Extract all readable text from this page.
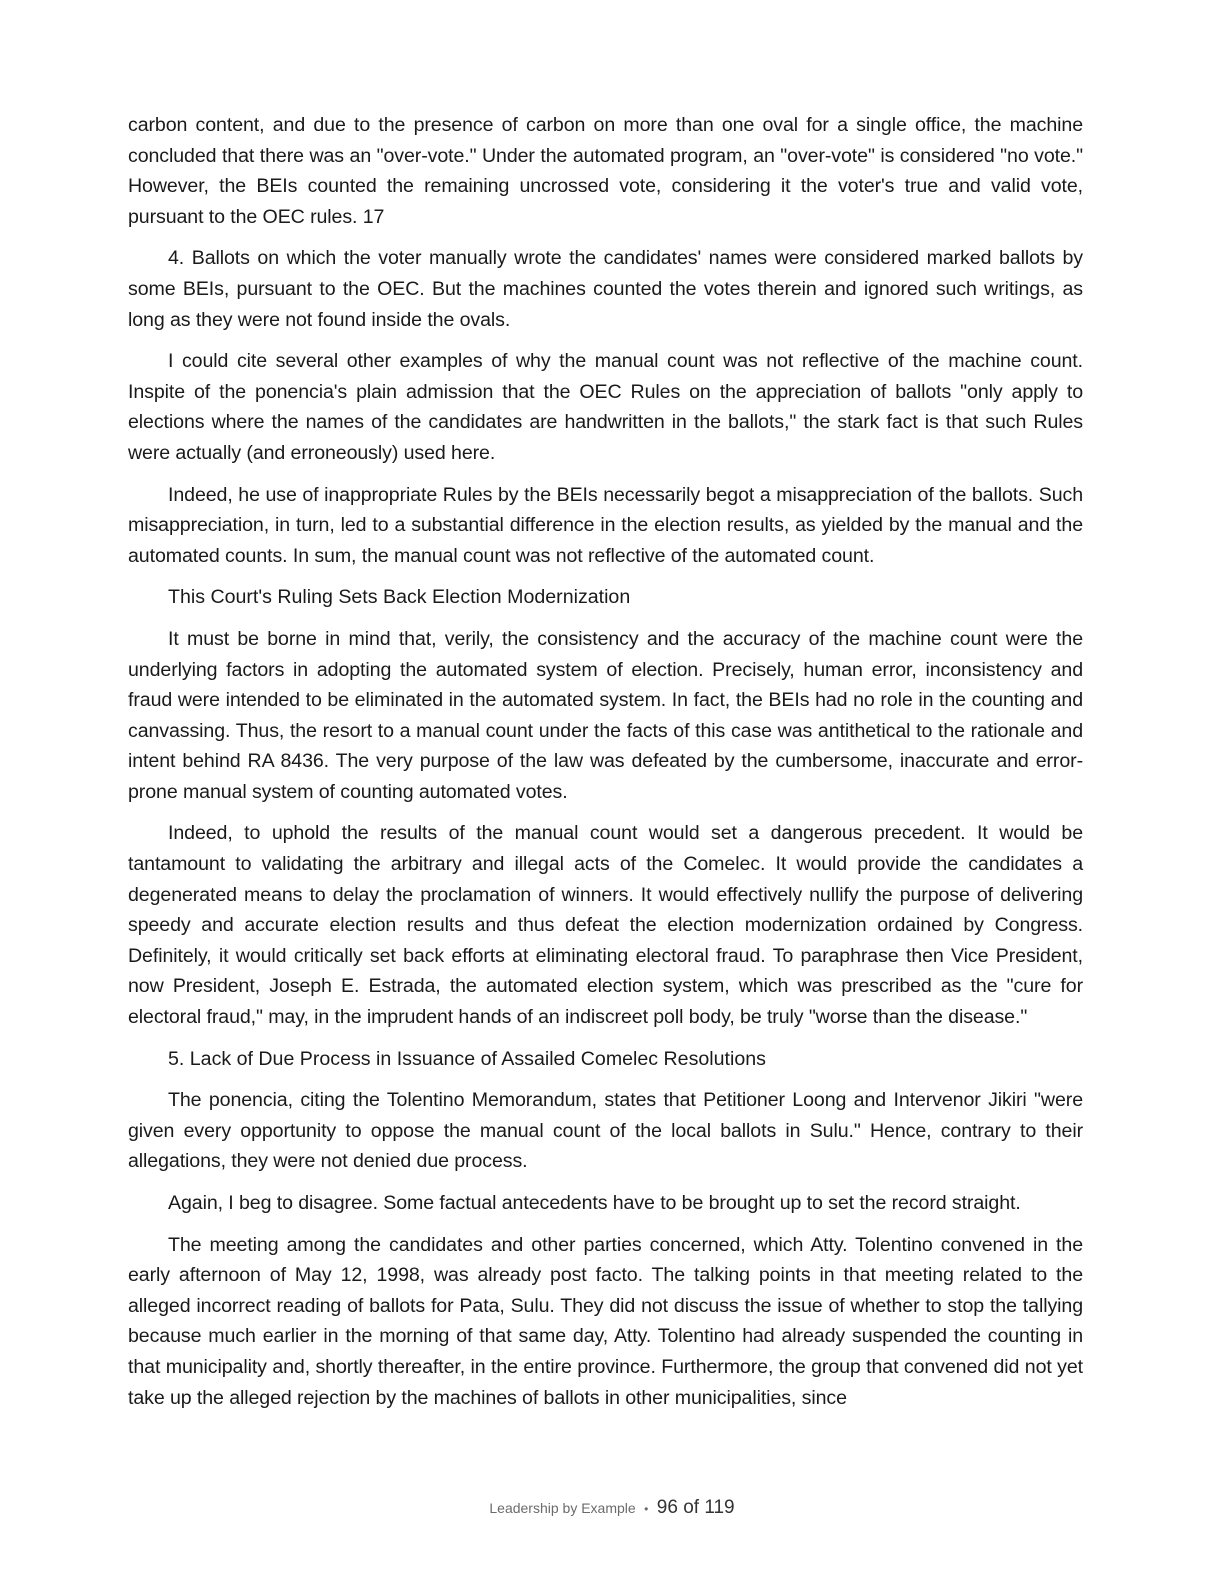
carbon content, and due to the presence of carbon on more than one oval for a single office, the machine concluded that there was an "over-vote." Under the automated program, an "over-vote" is considered "no vote." However, the BEIs counted the remaining uncrossed vote, considering it the voter's true and valid vote, pursuant to the OEC rules. 17

4. Ballots on which the voter manually wrote the candidates' names were considered marked ballots by some BEIs, pursuant to the OEC. But the machines counted the votes therein and ignored such writings, as long as they were not found inside the ovals.

I could cite several other examples of why the manual count was not reflective of the machine count. Inspite of the ponencia's plain admission that the OEC Rules on the appreciation of ballots "only apply to elections where the names of the candidates are handwritten in the ballots," the stark fact is that such Rules were actually (and erroneously) used here.

Indeed, he use of inappropriate Rules by the BEIs necessarily begot a misappreciation of the ballots. Such misappreciation, in turn, led to a substantial difference in the election results, as yielded by the manual and the automated counts. In sum, the manual count was not reflective of the automated count.

This Court's Ruling Sets Back Election Modernization

It must be borne in mind that, verily, the consistency and the accuracy of the machine count were the underlying factors in adopting the automated system of election. Precisely, human error, inconsistency and fraud were intended to be eliminated in the automated system. In fact, the BEIs had no role in the counting and canvassing. Thus, the resort to a manual count under the facts of this case was antithetical to the rationale and intent behind RA 8436. The very purpose of the law was defeated by the cumbersome, inaccurate and error-prone manual system of counting automated votes.

Indeed, to uphold the results of the manual count would set a dangerous precedent. It would be tantamount to validating the arbitrary and illegal acts of the Comelec. It would provide the candidates a degenerated means to delay the proclamation of winners. It would effectively nullify the purpose of delivering speedy and accurate election results and thus defeat the election modernization ordained by Congress. Definitely, it would critically set back efforts at eliminating electoral fraud. To paraphrase then Vice President, now President, Joseph E. Estrada, the automated election system, which was prescribed as the "cure for electoral fraud," may, in the imprudent hands of an indiscreet poll body, be truly "worse than the disease."

5. Lack of Due Process in Issuance of Assailed Comelec Resolutions

The ponencia, citing the Tolentino Memorandum, states that Petitioner Loong and Intervenor Jikiri "were given every opportunity to oppose the manual count of the local ballots in Sulu." Hence, contrary to their allegations, they were not denied due process.

Again, I beg to disagree. Some factual antecedents have to be brought up to set the record straight.

The meeting among the candidates and other parties concerned, which Atty. Tolentino convened in the early afternoon of May 12, 1998, was already post facto. The talking points in that meeting related to the alleged incorrect reading of ballots for Pata, Sulu. They did not discuss the issue of whether to stop the tallying because much earlier in the morning of that same day, Atty. Tolentino had already suspended the counting in that municipality and, shortly thereafter, in the entire province. Furthermore, the group that convened did not yet take up the alleged rejection by the machines of ballots in other municipalities, since

Leadership by Example • 96 of 119
